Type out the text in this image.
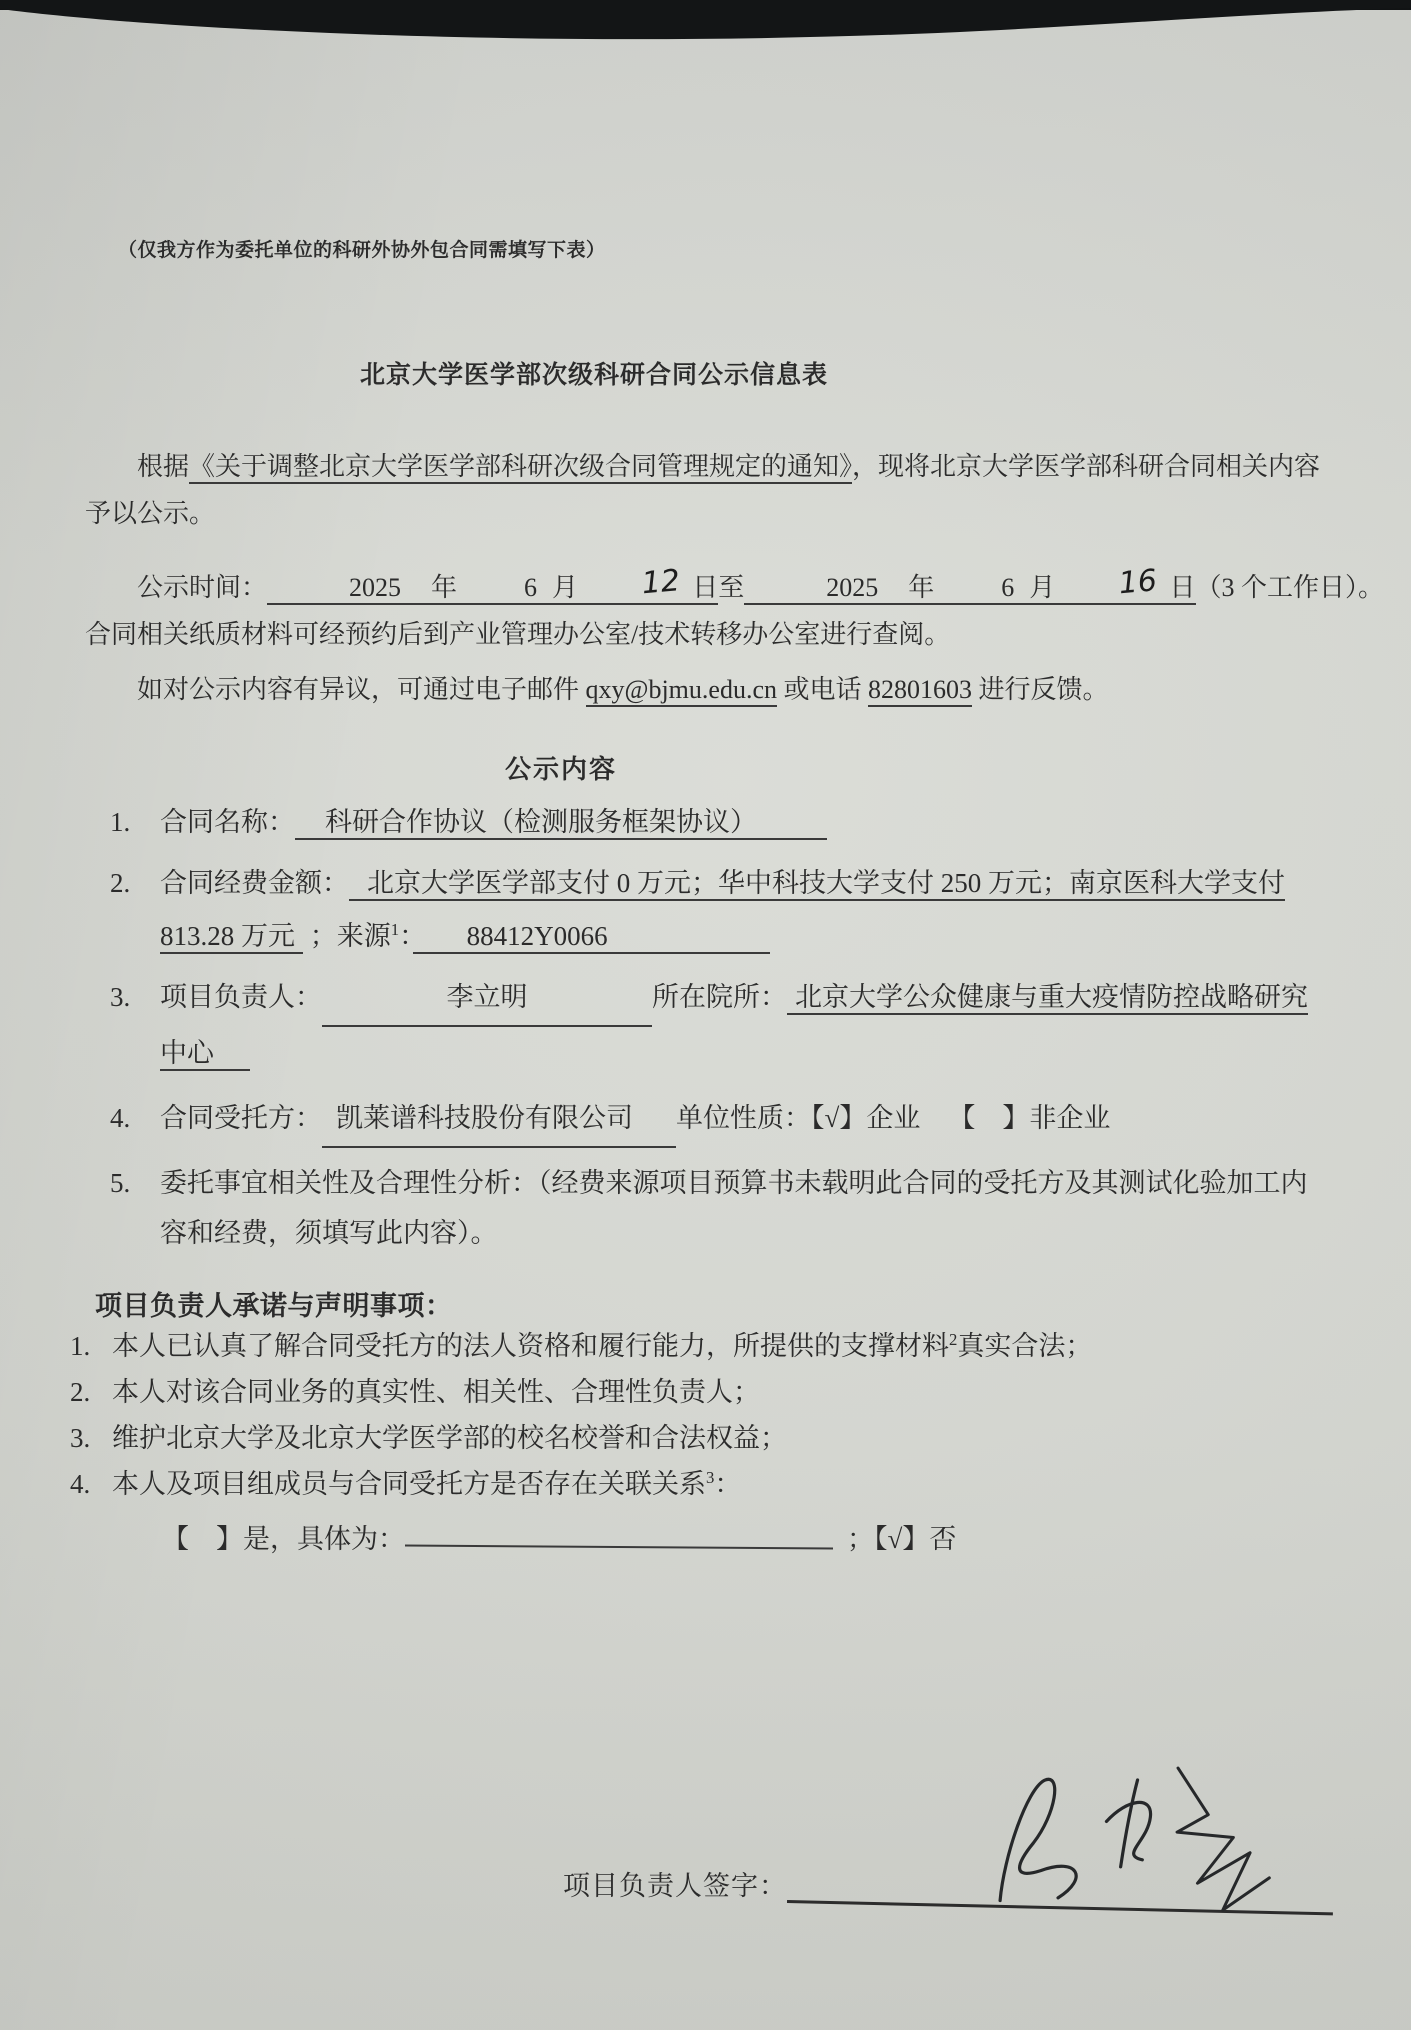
（仅我方作为委托单位的科研外协外包合同需填写下表）
北京大学医学部次级科研合同公示信息表

根据《关于调整北京大学医学部科研次级合同管理规定的通知》，现将北京大学医学部科研合同相关内容予以公示。

公示时间：	2025 年	6 月 12 日至	2025 年	6 月 16 日（3 个工作日）。
合同相关纸质材料可经预约后到产业管理办公室/技术转移办公室进行查阅。

如对公示内容有异议，可通过电子邮件 qxy@bjmu.edu.cn 或电话 82801603 进行反馈。

公示内容
1.	合同名称： 科研合作协议（检测服务框架协议）
2.	合同经费金额： 北京大学医学部支付 0 万元；华中科技大学支付 250 万元；南京医科大学支付 813.28 万元 ；来源$^1$：　　88412Y0066　　　　　　
3.	项目负责人：	李立明	所在院所： 北京大学公众健康与重大疫情防控战略研究中心
4.	合同受托方： 凯莱谱科技股份有限公司 单位性质：【√】企业 【　】非企业
5.	委托事宜相关性及合理性分析：（经费来源项目预算书未载明此合同的受托方及其测试化验加工内容和经费，须填写此内容）。
项目负责人承诺与声明事项：
1. 本人已认真了解合同受托方的法人资格和履行能力，所提供的支撑材料$^2$真实合法；
2. 本人对该合同业务的真实性、相关性、合理性负责人；
3. 维护北京大学及北京大学医学部的校名校誉和合法权益；
4. 本人及项目组成员与合同受托方是否存在关联关系$^3$：
【　】是，具体为：	；【√】否
项目负责人签字：
